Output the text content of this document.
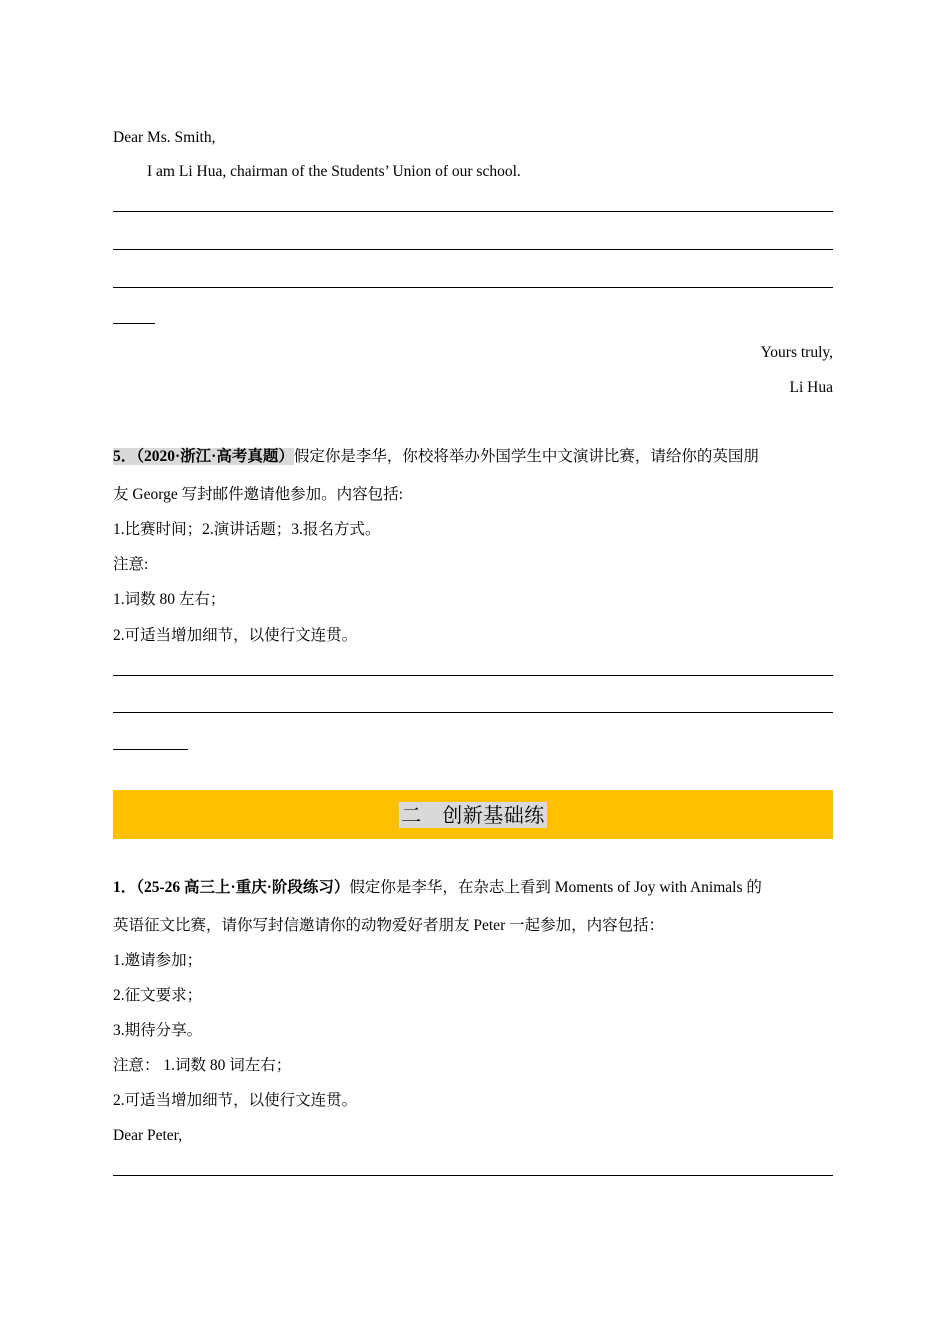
Dear Ms. Smith,
I am Li Hua, chairman of the Students’ Union of our school.
Yours truly,
Li Hua
5．（2020·浙江·高考真题）假定你是李华，你校将举办外国学生中文演讲比赛，请给你的英国朋
友 George 写封邮件邀请他参加。内容包括:
1.比赛时间；2.演讲话题；3.报名方式。
注意:
1.词数 80 左右；
2.可适当增加细节，以使行文连贯。
二　创新基础练
1．（25-26 高三上·重庆·阶段练习）假定你是李华，在杂志上看到 Moments of Joy with Animals 的
英语征文比赛，请你写封信邀请你的动物爱好者朋友 Peter 一起参加，内容包括：
1.邀请参加；
2.征文要求；
3.期待分享。
注意： 1.词数 80 词左右；
2.可适当增加细节，以使行文连贯。
Dear Peter,
